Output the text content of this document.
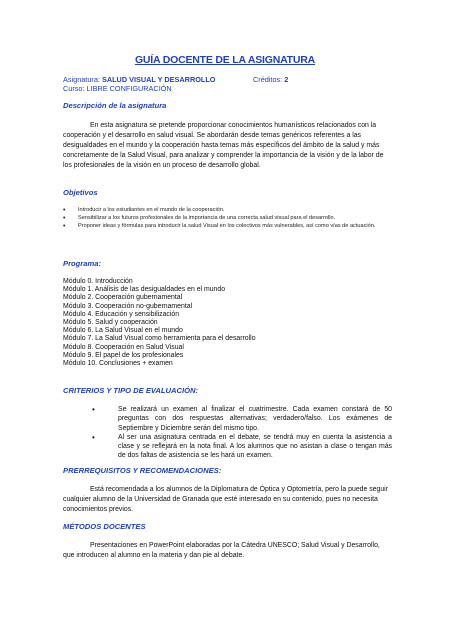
GUÍA DOCENTE DE LA ASIGNATURA
Asignatura: SALUD VISUAL Y DESARROLLO	Créditos: 2
Curso: LIBRE CONFIGURACIÓN
Descripción de la asignatura
En esta asignatura se pretende proporcionar conocimientos humanísticos relacionados con la cooperación y el desarrollo en salud visual. Se abordarán desde temas genéricos referentes a las desigualdades en el mundo y la cooperación hasta temas más específicos del ámbito de la salud y más concretamente de la Salud Visual, para analizar y comprender la importancia de la visión y de la labor de los profesionales de la visión en un proceso de desarrollo global.
Objetivos
• Introducir a los estudiantes en el mundo de la cooperación.
• Sensibilizar a los futuros profesionales de la importancia de una correcta salud visual para el desarrollo.
• Proponer ideas y fórmulas para introducir la salud Visual en los colectivos más vulnerables, así como vías de actuación.
Programa:
Módulo 0. Introducción
Módulo 1. Análisis de las desigualdades en el mundo
Módulo 2. Cooperación gubernamental
Módulo 3. Cooperación no-gubernamental
Módulo 4. Educación y sensibilización
Módulo 5. Salud y cooperación
Módulo 6. La Salud Visual en el mundo
Módulo 7. La Salud Visual como herramienta para el desarrollo
Módulo 8. Cooperación en Salud Visual
Módulo 9. El papel de los profesionales
Módulo 10. Conclusiones + examen
CRITERIOS Y TIPO DE EVALUACIÓN:
•	Se realizará un examen al finalizar el cuatrimestre. Cada examen constará de 50 preguntas con dos respuestas alternativas; verdadero/falso. Los exámenes de Septiembre y Diciembre serán del mismo tipo.
•	Al ser una asignatura centrada en el debate, se tendrá muy en cuenta la asistencia a clase y se reflejará en la nota final. A los alumnos que no asistan a clase o tengan más de dos faltas de asistencia se les hará un examen.
PRERREQUISITOS Y RECOMENDACIONES:
Está recomendada a los alumnos de la Diplomatura de Óptica y Optometría, pero la puede seguir cualquier alumno de la Universidad de Granada que esté interesado en su contenido, pues no necesita conocimientos previos.
MÉTODOS DOCENTES
Presentaciones en PowerPoint elaboradas por la Cátedra UNESCO; Salud Visual y Desarrollo, que introducen al alumno en la materia y dan pie al debate.
